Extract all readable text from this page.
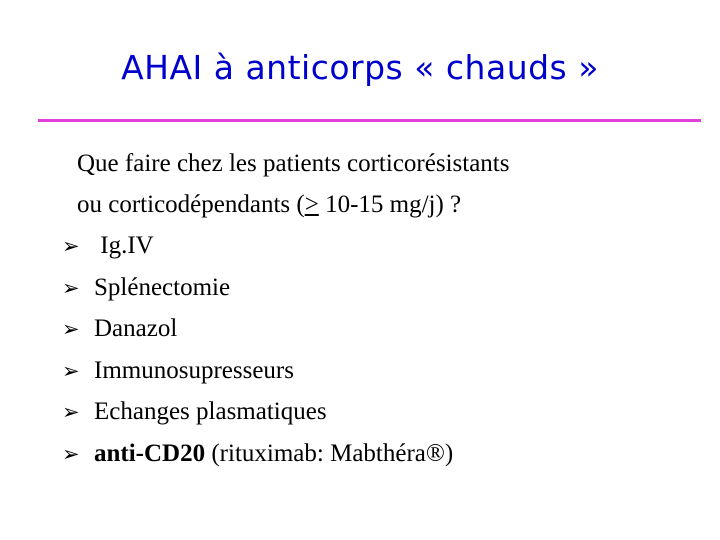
AHAI à anticorps « chauds »
Que faire chez les patients corticorésistants
ou corticodépendants (≥ 10-15 mg/j) ?
➢ Ig.IV
➢ Splénectomie
➢ Danazol
➢ Immunosupresseurs
➢ Echanges plasmatiques
➢ anti-CD20 (rituximab: Mabthéra®)
